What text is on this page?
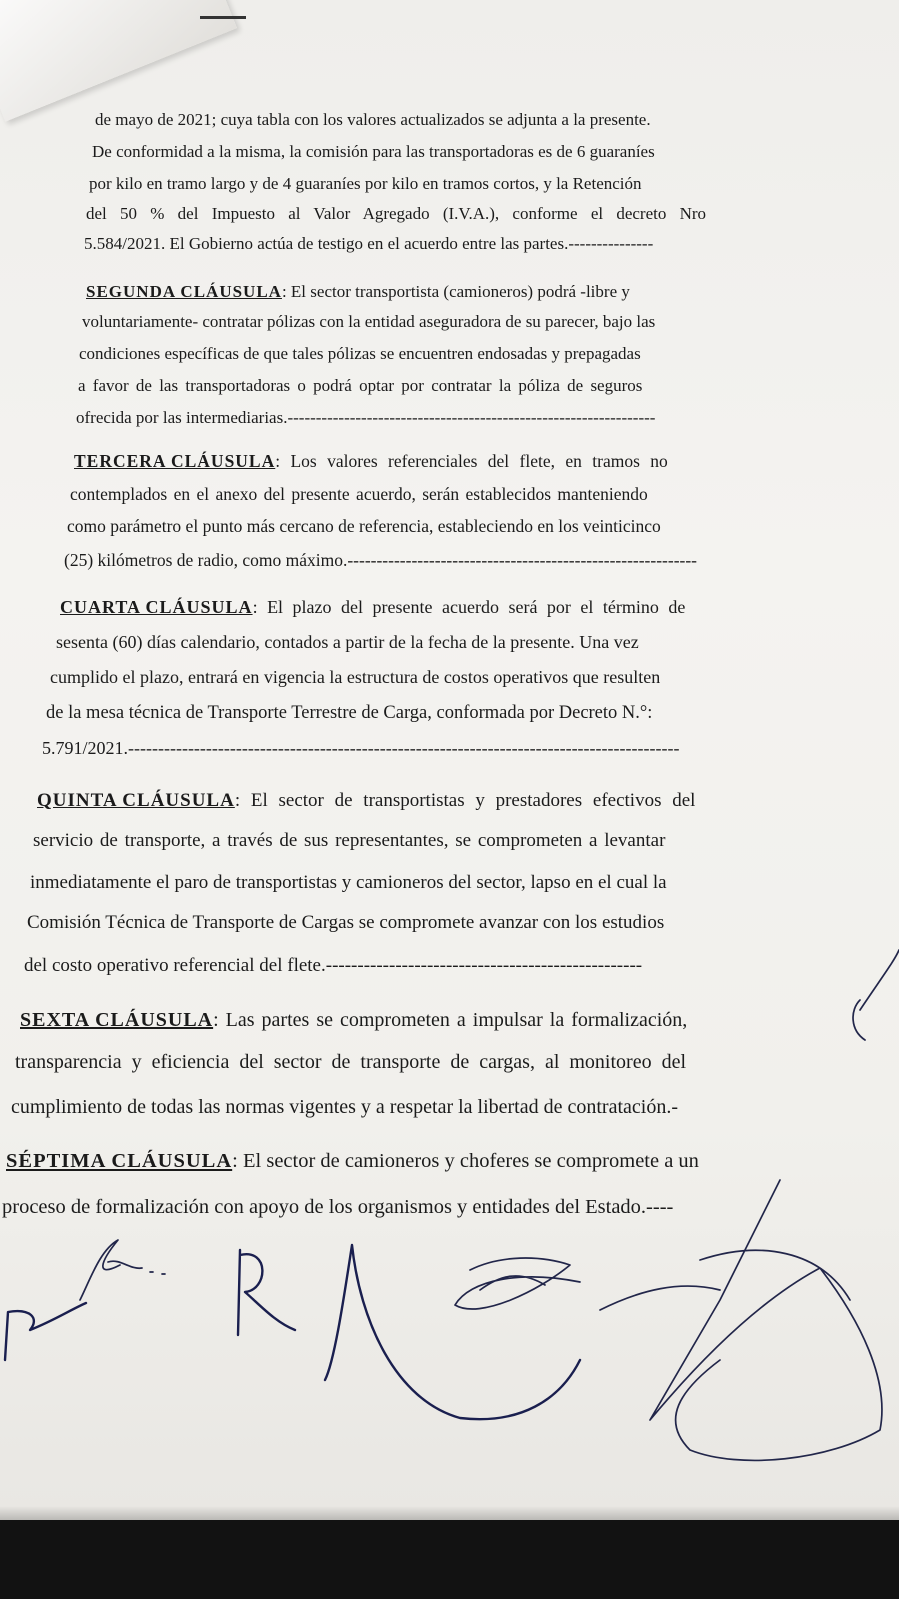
de mayo de 2021; cuya tabla con los valores actualizados se adjunta a la presente.
De conformidad a la misma, la comisión para las transportadoras es de 6 guaraníes
por kilo en tramo largo y de 4 guaraníes por kilo en tramos cortos, y la Retención
del 50 % del Impuesto al Valor Agregado (I.V.A.), conforme el decreto Nro
5.584/2021. El Gobierno actúa de testigo en el acuerdo entre las partes.---------------
SEGUNDA CLÁUSULA: El sector transportista (camioneros) podrá -libre y
voluntariamente- contratar pólizas con la entidad aseguradora de su parecer, bajo las
condiciones específicas de que tales pólizas se encuentren endosadas y prepagadas
a favor de las transportadoras o podrá optar por contratar la póliza de seguros
ofrecida por las intermediarias.-----------------------------------------------------------------
TERCERA CLÁUSULA: Los valores referenciales del flete, en tramos no
contemplados en el anexo del presente acuerdo, serán establecidos manteniendo
como parámetro el punto más cercano de referencia, estableciendo en los veinticinco
(25) kilómetros de radio, como máximo.------------------------------------------------------------
CUARTA CLÁUSULA: El plazo del presente acuerdo será por el término de
sesenta (60) días calendario, contados a partir de la fecha de la presente. Una vez
cumplido el plazo, entrará en vigencia la estructura de costos operativos que resulten
de la mesa técnica de Transporte Terrestre de Carga, conformada por Decreto N.°:
5.791/2021.--------------------------------------------------------------------------------------------
QUINTA CLÁUSULA: El sector de transportistas y prestadores efectivos del
servicio de transporte, a través de sus representantes, se comprometen a levantar
inmediatamente el paro de transportistas y camioneros del sector, lapso en el cual la
Comisión Técnica de Transporte de Cargas se compromete avanzar con los estudios
del costo operativo referencial del flete.--------------------------------------------------
SEXTA CLÁUSULA: Las partes se comprometen a impulsar la formalización,
transparencia y eficiencia del sector de transporte de cargas, al monitoreo del
cumplimiento de todas las normas vigentes y a respetar la libertad de contratación.-
SÉPTIMA CLÁUSULA: El sector de camioneros y choferes se compromete a un
proceso de formalización con apoyo de los organismos y entidades del Estado.----
